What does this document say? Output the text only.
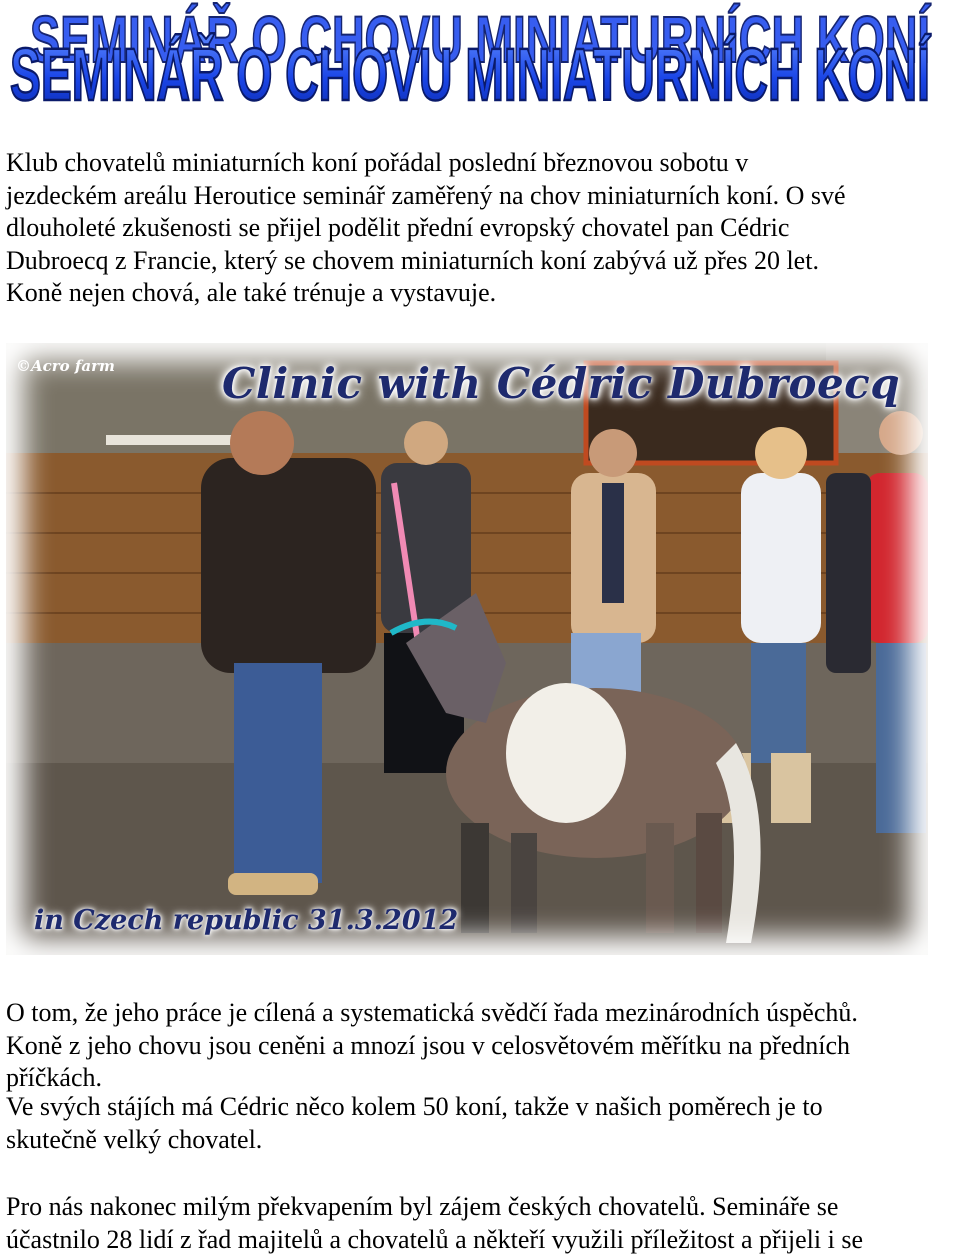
SEMINÁŘ O CHOVU MINIATURNÍCH KONÍ
SEMINÁŘ O CHOVU MINIATURNÍCH KONÍ

Klub chovatelů miniaturních koní pořádal poslední březnovou sobotu v
jezdeckém areálu Heroutice seminář zaměřený na chov miniaturních koní. O své
dlouholeté zkušenosti se přijel podělit přední evropský chovatel pan Cédric
Dubroecq z Francie, který se chovem miniaturních koní zabývá už přes 20 let.
Koně nejen chová, ale také trénuje a vystavuje.

©Acro farm	Clinic with Cédric Dubroecq
in Czech republic 31.3.2012

O tom, že jeho práce je cílená a systematická svědčí řada mezinárodních úspěchů.
Koně z jeho chovu jsou ceněni a mnozí jsou v celosvětovém měřítku na předních
příčkách.

Ve svých stájích má Cédric něco kolem 50 koní, takže v našich poměrech je to
skutečně velký chovatel.

Pro nás nakonec milým překvapením byl zájem českých chovatelů. Semináře se
účastnilo 28 lidí z řad majitelů a chovatelů a někteří využili příležitost a přijeli i se
